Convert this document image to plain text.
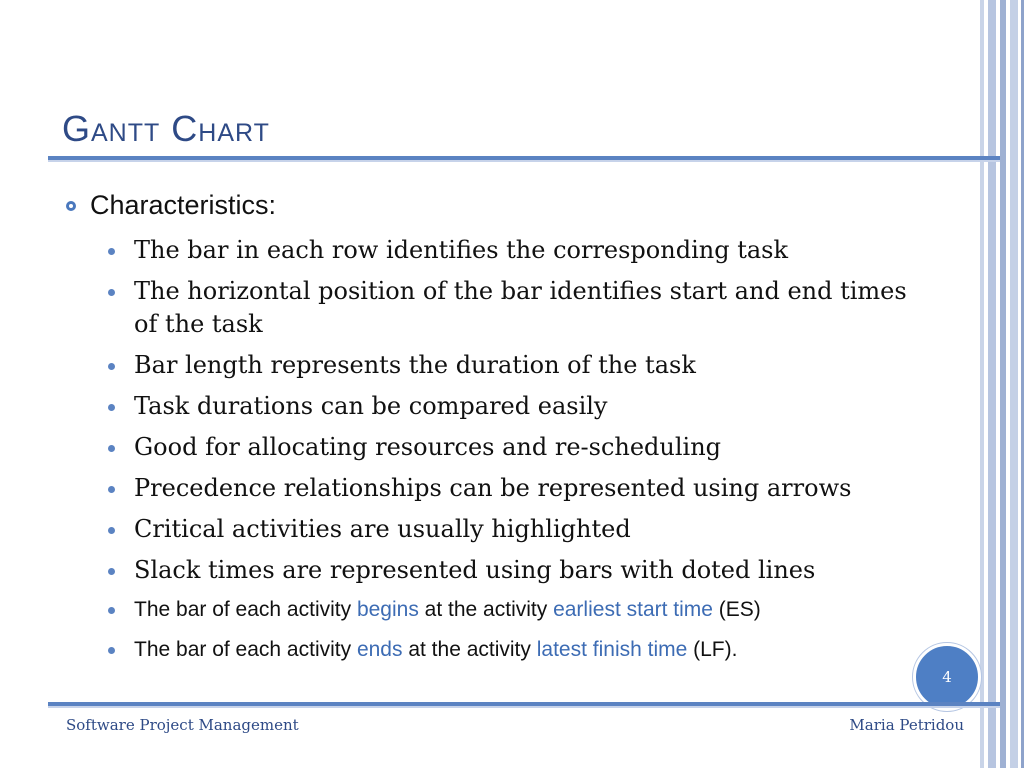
Gantt Chart
Characteristics:
The bar in each row identifies the corresponding task
The horizontal position of the bar identifies start and end times of the task
Bar length represents the duration of the task
Task durations can be compared easily
Good for allocating resources and re-scheduling
Precedence relationships can be represented using arrows
Critical activities are usually highlighted
Slack times are represented using bars with doted lines
The bar of each activity begins at the activity earliest start time (ES)
The bar of each activity ends at the activity latest finish time (LF).
4
Software Project Management	Maria Petridou
